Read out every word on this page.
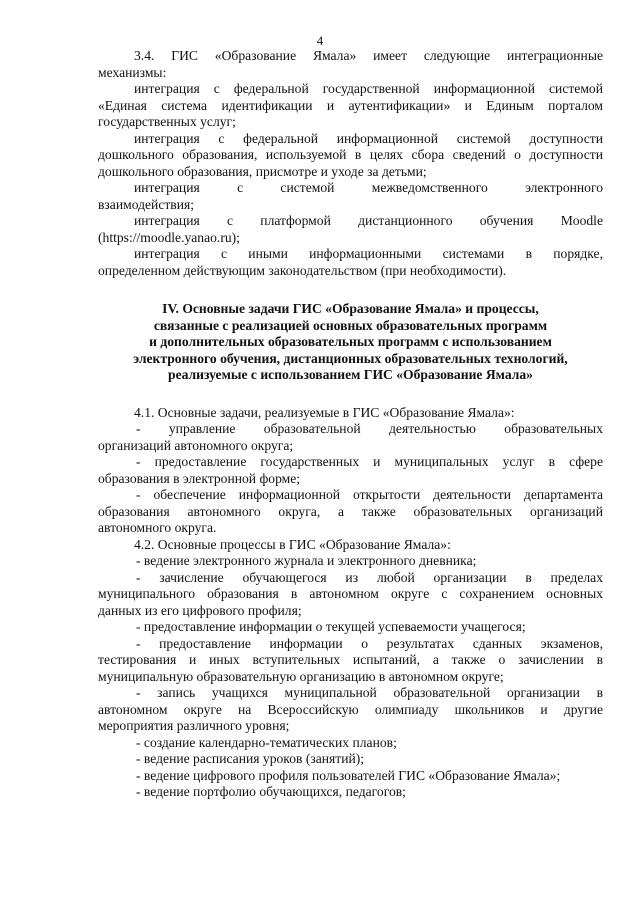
4

3.4. ГИС «Образование Ямала» имеет следующие интеграционные

механизмы:

интеграция с федеральной государственной информационной системой

«Единая система идентификации и аутентификации» и Единым порталом

государственных услуг;

интеграция с федеральной информационной системой доступности

дошкольного образования, используемой в целях сбора сведений о доступности

дошкольного образования, присмотре и уходе за детьми;

интеграция с системой межведомственного электронного

взаимодействия;

интеграция с платформой дистанционного обучения Moodle

(https://moodle.yanao.ru);

интеграция с иными информационными системами в порядке,

определенном действующим законодательством (при необходимости).

IV. Основные задачи ГИС «Образование Ямала» и процессы,
связанные с реализацией основных образовательных программ
и дополнительных образовательных программ с использованием
электронного обучения, дистанционных образовательных технологий,
реализуемые с использованием ГИС «Образование Ямала»

4.1. Основные задачи, реализуемые в ГИС «Образование Ямала»:

- управление образовательной деятельностью образовательных

организаций автономного округа;

- предоставление государственных и муниципальных услуг в сфере

образования в электронной форме;

- обеспечение информационной открытости деятельности департамента

образования автономного округа, а также образовательных организаций

автономного округа.

4.2. Основные процессы в ГИС «Образование Ямала»:

- ведение электронного журнала и электронного дневника;

- зачисление обучающегося из любой организации в пределах

муниципального образования в автономном округе с сохранением основных

данных из его цифрового профиля;

- предоставление информации о текущей успеваемости учащегося;

- предоставление информации о результатах сданных экзаменов,

тестирования и иных вступительных испытаний, а также о зачислении в

муниципальную образовательную организацию в автономном округе;

- запись учащихся муниципальной образовательной организации в

автономном округе на Всероссийскую олимпиаду школьников и другие

мероприятия различного уровня;

- создание календарно-тематических планов;

- ведение расписания уроков (занятий);

- ведение цифрового профиля пользователей ГИС «Образование Ямала»;

- ведение портфолио обучающихся, педагогов;
